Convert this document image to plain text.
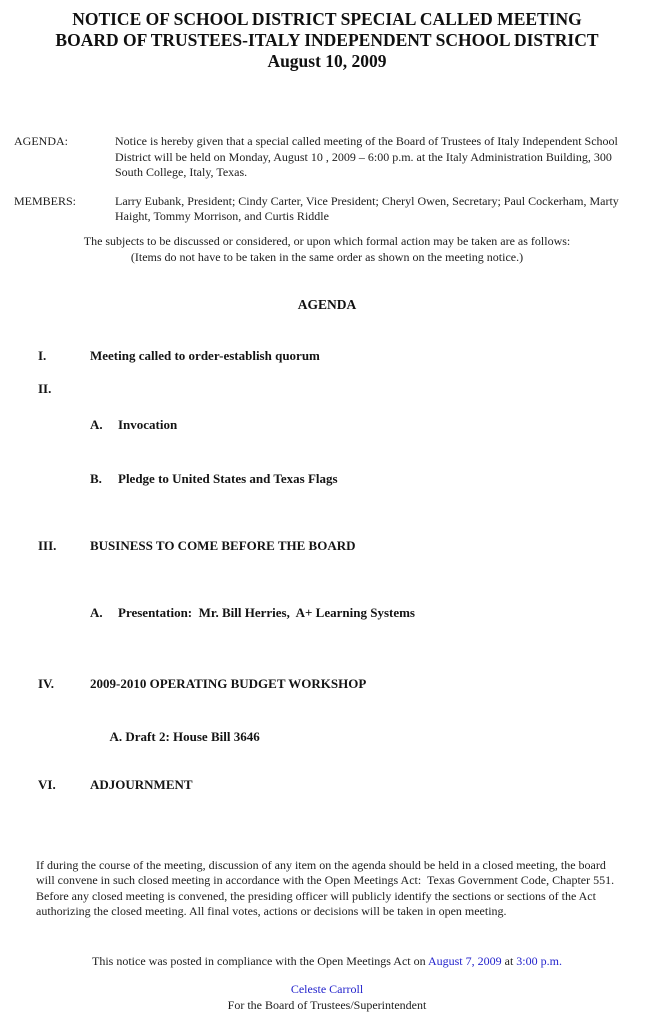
NOTICE OF SCHOOL DISTRICT SPECIAL CALLED MEETING
BOARD OF TRUSTEES-ITALY INDEPENDENT SCHOOL DISTRICT
August 10, 2009
AGENDA:	Notice is hereby given that a special called meeting of the Board of Trustees of Italy Independent School District will be held on Monday, August 10 , 2009 – 6:00 p.m. at the Italy Administration Building, 300 South College, Italy, Texas.
MEMBERS:	Larry Eubank, President; Cindy Carter, Vice President; Cheryl Owen, Secretary; Paul Cockerham, Marty Haight, Tommy Morrison, and Curtis Riddle
The subjects to be discussed or considered, or upon which formal action may be taken are as follows:
(Items do not have to be taken in the same order as shown on the meeting notice.)
AGENDA
I.	Meeting called to order-establish quorum
II.

A.	Invocation

B.	Pledge to United States and Texas Flags

III.	BUSINESS TO COME BEFORE THE BOARD

A.	Presentation:  Mr. Bill Herries,  A+ Learning Systems

IV.	2009-2010 OPERATING BUDGET WORKSHOP

A. Draft 2: House Bill 3646

VI.	ADJOURNMENT

If during the course of the meeting, discussion of any item on the agenda should be held in a closed meeting, the board will convene in such closed meeting in accordance with the Open Meetings Act:  Texas Government Code, Chapter 551. Before any closed meeting is convened, the presiding officer will publicly identify the sections or sections of the Act authorizing the closed meeting. All final votes, actions or decisions will be taken in open meeting.

This notice was posted in compliance with the Open Meetings Act on August 7, 2009 at 3:00 p.m.

Celeste Carroll
For the Board of Trustees/Superintendent
